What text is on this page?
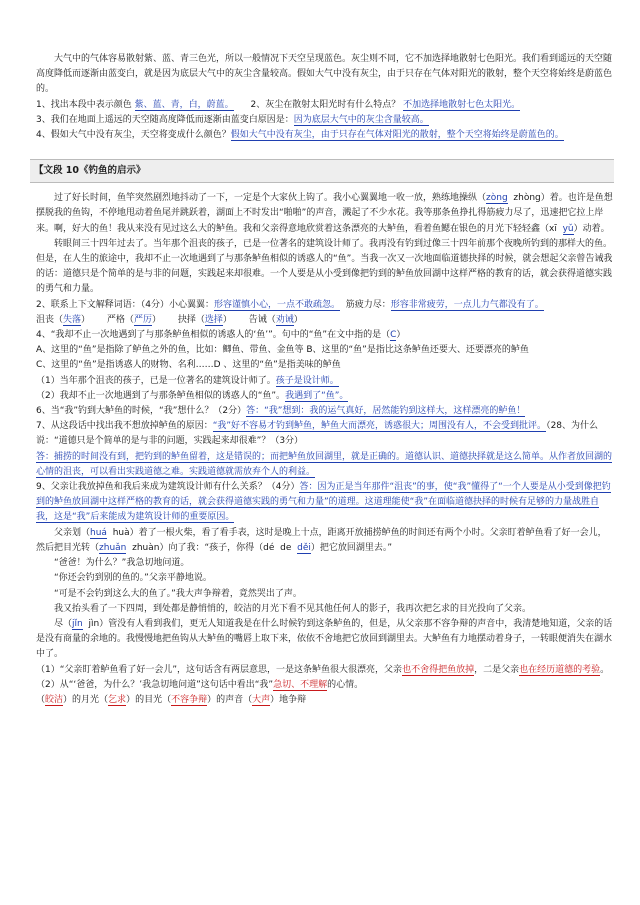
大气中的气体容易散射紫、蓝、青三色光，所以一般情况下天空呈现蓝色。灰尘则不同，它不加选择地散射七色阳光。我们看到遥远的天空随高度降低而逐渐由蓝变白，就是因为底层大气中的灰尘含量较高。假如大气中没有灰尘，由于只存在气体对阳光的散射，整个天空将始终是蔚蓝色的。

1、找出本段中表示颜色 紫、蓝、青，白，蔚蓝。 2、灰尘在散射太阳光时有什么特点？ 不加选择地散射七色太阳光。

3、我们在地面上遥远的天空随高度降低而逐渐由蓝变白原因是：因为底层大气中的灰尘含量较高。

4、假如大气中没有灰尘，天空将变成什么颜色？假如大气中没有灰尘，由于只存在气体对阳光的散射，整个天空将始终是蔚蓝色的。

【文段 10《钓鱼的启示》

过了好长时间，鱼竿突然剧烈地抖动了一下，一定是个大家伙上钩了。我小心翼翼地一收一放，熟练地操纵（zòng zhòng）着。也许是鱼想摆脱我的鱼钩，不停地甩动着鱼尾并跳跃着，湖面上不时发出“啪啪”的声音，溅起了不少水花。我等那条鱼挣扎得筋疲力尽了，迅速把它拉上岸来。啊，好大的鱼！我从来没有见过这么大的鲈鱼。我和父亲得意地欣赏着这条漂亮的大鲈鱼，看着鱼鳃在银色的月光下轻轻鑫（xī yǔ）动着。

转眼间三十四年过去了。当年那个沮丧的孩子，已是一位著名的建筑设计师了。我再没有钓到过像三十四年前那个夜晚所钓到的那样大的鱼。但是，在人生的旅途中，我却不止一次地遇到了与那条鲈鱼相似的诱惑人的“鱼”。当我一次又一次地面临道德抉择的时候，就会想起父亲曾告诫我的话：道德只是个简单的是与非的问题，实践起来却很难。一个人要是从小受到像把钓到的鲈鱼放回湖中这样严格的教育的话，就会获得道德实践的勇气和力量。

2、联系上下文解释词语：（4分）小心翼翼：形容谨慎小心，一点不敢疏忽。 筋疲力尽：形容非常疲劳，一点儿力气都没有了。

沮丧（失落） 严格（严厉） 抉择（选择） 告诫（劝诫）

4、“我却不止一次地遇到了与那条鲈鱼相似的诱惑人的‘鱼’”。句中的“鱼”在文中指的是（C）

A、这里的“鱼”是指除了鲈鱼之外的鱼，比如：鲫鱼、带鱼、金鱼等 B、这里的“鱼”是指比这条鲈鱼还要大、还要漂亮的鲈鱼

C、这里的“鱼”是指诱惑人的财物、名利……D 、这里的“鱼”是指美味的鲈鱼

（1）当年那个沮丧的孩子，已是一位著名的建筑设计师了。孩子是设计师。

（2）我却不止一次地遇到了与那条鲈鱼相似的诱惑人的“鱼”。我遇到了“鱼”。

6、当“我”钓到大鲈鱼的时候，“我”想什么？（2分）答：“我”想到：我的运气真好，居然能钓到这样大，这样漂亮的鲈鱼！

7、从这段话中找出我不想放掉鲈鱼的原因：“我”好不容易才钓到鲈鱼，鲈鱼大而漂亮，诱惑很大；周围没有人，不会受到批评。（28、为什么说：“道德只是个简单的是与非的问题，实践起来却很难”？（3分）

答：捕捞的时间没有到，把钓到的鲈鱼留着，这是错误的；而把鲈鱼放回湖里，就是正确的。道德认识、道德抉择就是这么简单。从作者放回湖的心情的沮丧，可以看出实践道德之难。实践道德就需放弃个人的利益。

9、父亲让我放掉鱼和我后来成为建筑设计师有什么关系？（4分）答：因为正是当年那件“沮丧”的事，使“我”懂得了“一个人要是从小受到像把钓到的鲈鱼放回湖中这样严格的教育的话，就会获得道德实践的勇气和力量”的道理。这道理能使“我”在面临道德抉择的时候有足够的力量战胜自我，这是“我”后来能成为建筑设计师的重要原因。

父亲划（huá huà）着了一根火柴，看了看手表，这时是晚上十点，距离开放捕捞鲈鱼的时间还有两个小时。父亲盯着鲈鱼看了好一会儿，然后把目光转（zhuǎn zhuàn）向了我：“孩子，你得（dé de děi）把它放回湖里去。”

“爸爸！为什么？”我急切地问道。

“你还会钓到别的鱼的。”父亲平静地说。

“可是不会钓到这么大的鱼了。”我大声争辩着，竟然哭出了声。

我又抬头看了一下四周，到处都是静悄悄的，皎洁的月光下看不见其他任何人的影子，我再次把乞求的目光投向了父亲。

尽（jǐn jìn）管没有人看到我们，更无人知道我是在什么时候钓到这条鲈鱼的，但是，从父亲那不容争辩的声音中，我清楚地知道，父亲的话是没有商量的余地的。我慢慢地把鱼钩从大鲈鱼的嘴唇上取下来，依依不舍地把它放回到湖里去。大鲈鱼有力地摆动着身子，一转眼便消失在湖水中了。

（1）“父亲盯着鲈鱼看了好一会儿”，这句话含有两层意思，一是这条鲈鱼很大很漂亮，父亲也不舍得把鱼放掉，二是父亲也在经历道德的考验。 （2）从“‘爸爸，为什么？’我急切地问道”这句话中看出“我”急切、不理解的心情。

（皎洁）的月光（乞求）的目光（不容争辩）的声音（大声）地争辩
